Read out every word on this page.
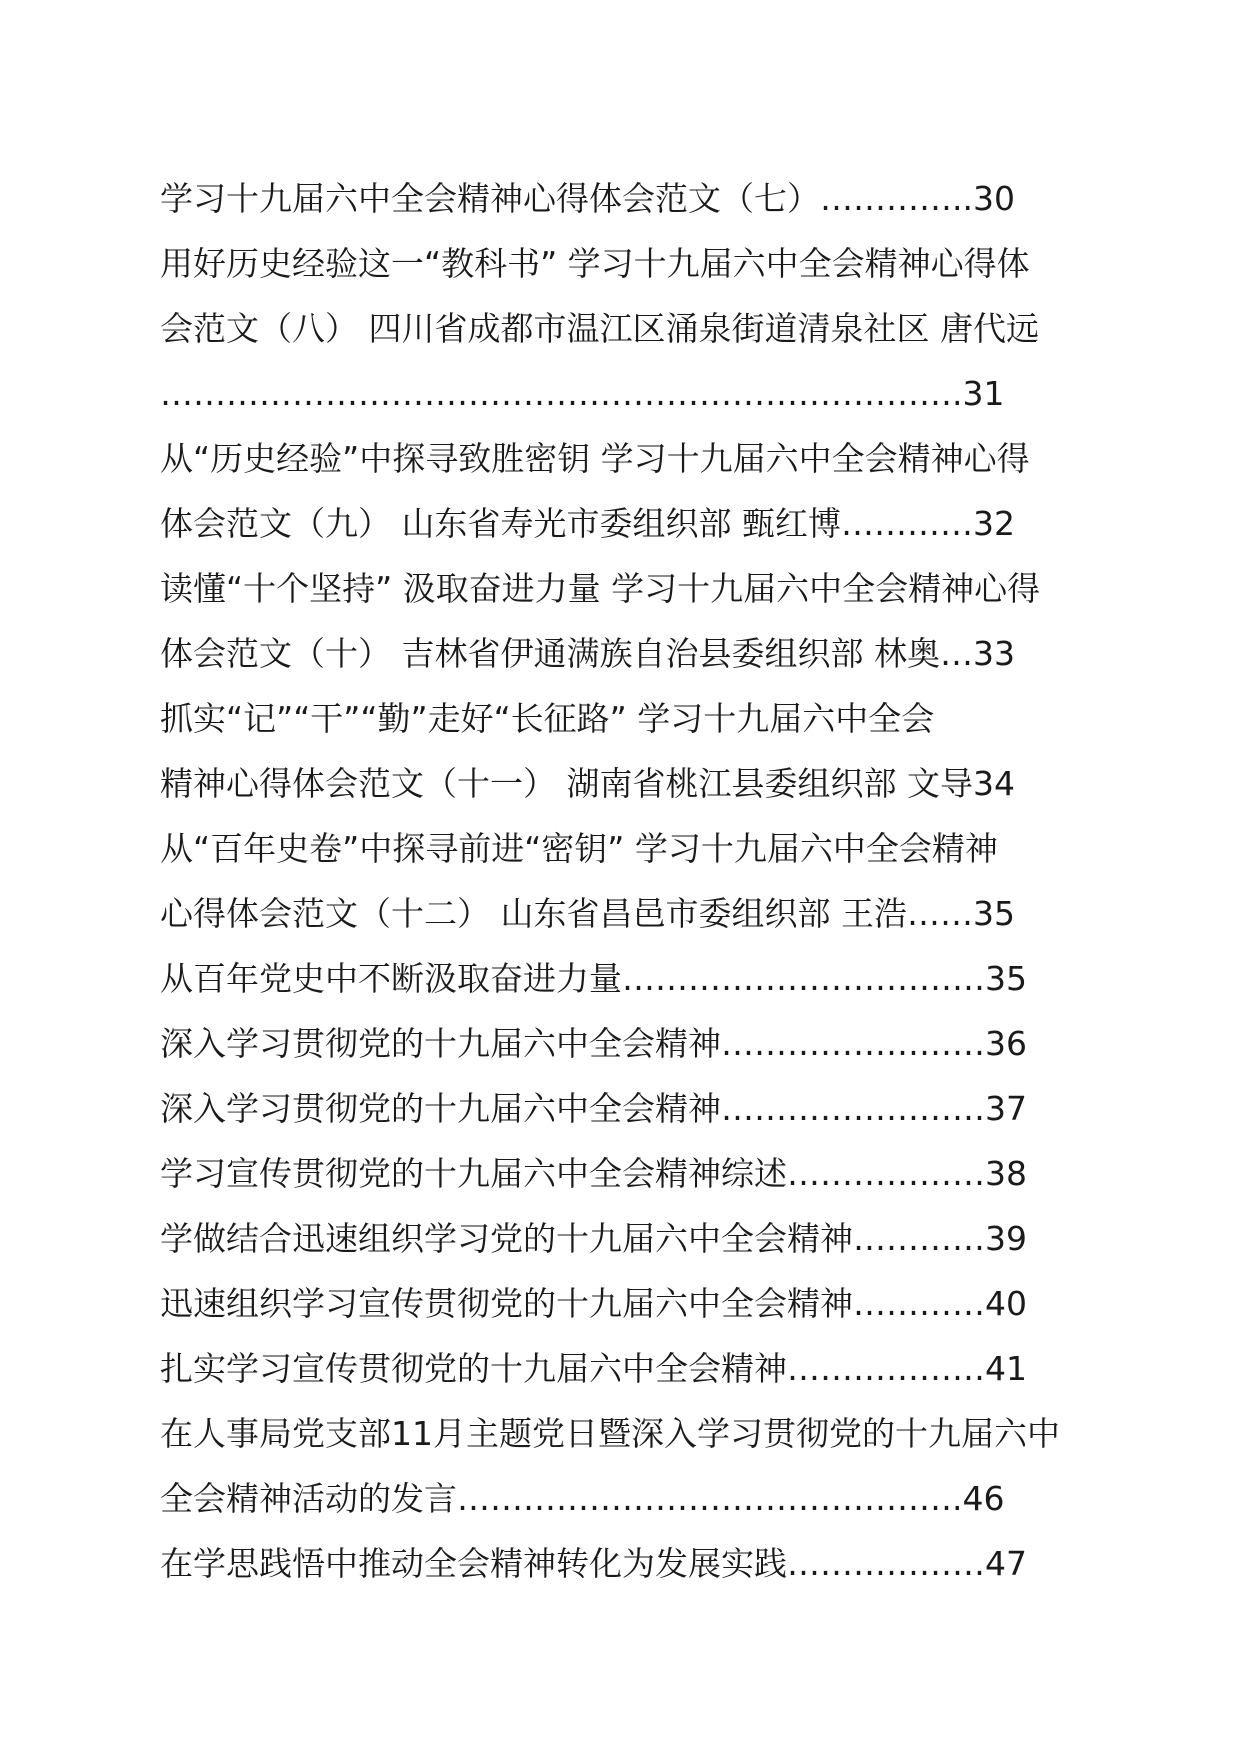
学习十九届六中全会精神心得体会范文（七）…………..30
用好历史经验这一“教科书” 学习十九届六中全会精神心得体
会范文（八） 四川省成都市温江区涌泉街道清泉社区 唐代远
……………………………………………………………….31
从“历史经验”中探寻致胜密钥 学习十九届六中全会精神心得
体会范文（九） 山东省寿光市委组织部 甄红博…………32
读懂“十个坚持” 汲取奋进力量 学习十九届六中全会精神心得
体会范文（十） 吉林省伊通满族自治县委组织部 林奥…33
抓实“记”“干”“勤”走好“长征路” 学习十九届六中全会
精神心得体会范文（十一） 湖南省桃江县委组织部 文导34
从“百年史卷”中探寻前进“密钥” 学习十九届六中全会精神
心得体会范文（十二） 山东省昌邑市委组织部 王浩……35
从百年党史中不断汲取奋进力量……………………………35
深入学习贯彻党的十九届六中全会精神……………………36
深入学习贯彻党的十九届六中全会精神……………………37
学习宣传贯彻党的十九届六中全会精神综述………………38
学做结合迅速组织学习党的十九届六中全会精神…………39
迅速组织学习宣传贯彻党的十九届六中全会精神…………40
扎实学习宣传贯彻党的十九届六中全会精神………………41
在人事局党支部11月主题党日暨深入学习贯彻党的十九届六中
全会精神活动的发言……………………………………….46
在学思践悟中推动全会精神转化为发展实践………………47
